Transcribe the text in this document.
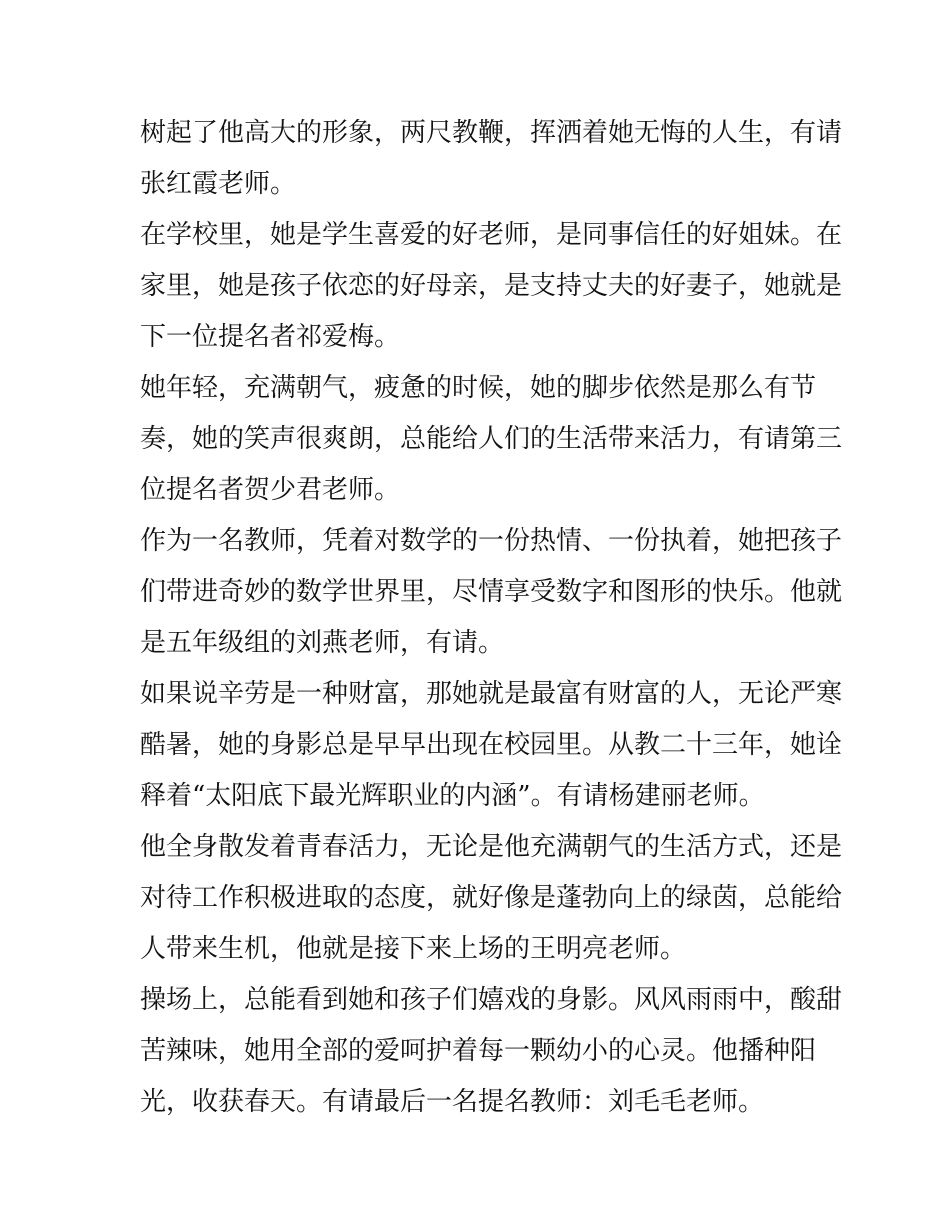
树起了他高大的形象，两尺教鞭，挥洒着她无悔的人生，有请
张红霞老师。
在学校里，她是学生喜爱的好老师，是同事信任的好姐妹。在
家里，她是孩子依恋的好母亲，是支持丈夫的好妻子，她就是
下一位提名者祁爱梅。
她年轻，充满朝气，疲惫的时候，她的脚步依然是那么有节
奏，她的笑声很爽朗，总能给人们的生活带来活力，有请第三
位提名者贺少君老师。
作为一名教师，凭着对数学的一份热情、一份执着，她把孩子
们带进奇妙的数学世界里，尽情享受数字和图形的快乐。他就
是五年级组的刘燕老师，有请。
如果说辛劳是一种财富，那她就是最富有财富的人，无论严寒
酷暑，她的身影总是早早出现在校园里。从教二十三年，她诠
释着“太阳底下最光辉职业的内涵”。有请杨建丽老师。
他全身散发着青春活力，无论是他充满朝气的生活方式，还是
对待工作积极进取的态度，就好像是蓬勃向上的绿茵，总能给
人带来生机，他就是接下来上场的王明亮老师。
操场上，总能看到她和孩子们嬉戏的身影。风风雨雨中，酸甜
苦辣味，她用全部的爱呵护着每一颗幼小的心灵。他播种阳
光，收获春天。有请最后一名提名教师：刘毛毛老师。
